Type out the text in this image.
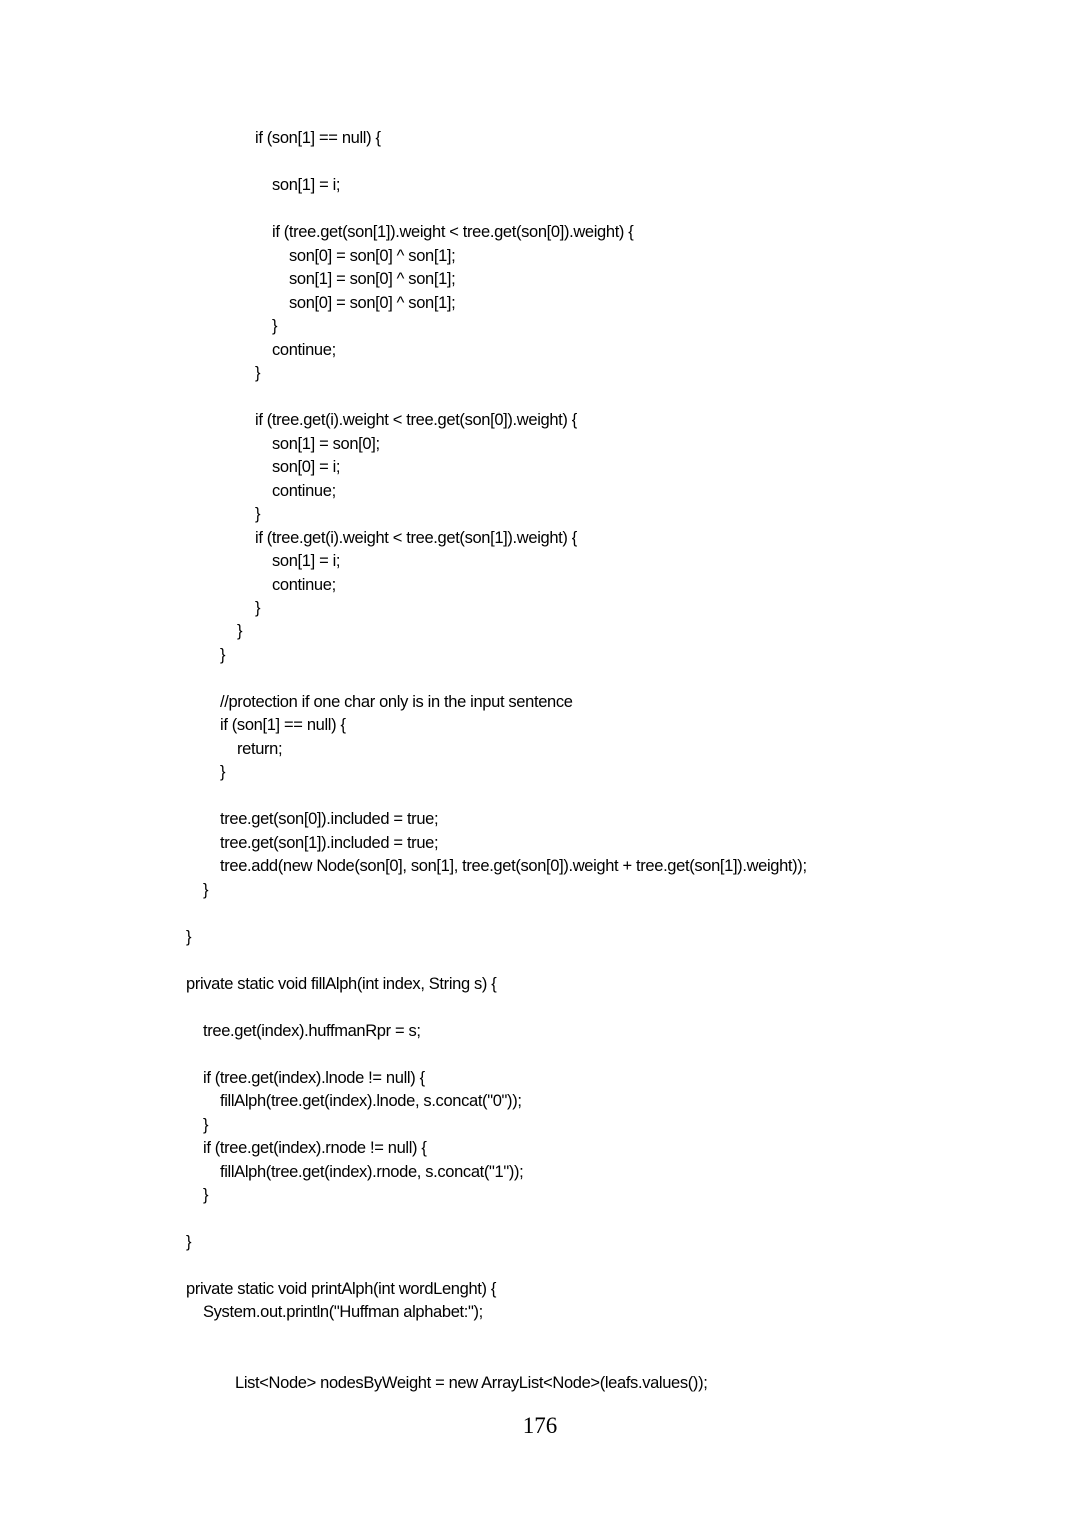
if (son[1] == null) {
son[1] = i;
if (tree.get(son[1]).weight < tree.get(son[0]).weight) {
son[0] = son[0] ^ son[1];
son[1] = son[0] ^ son[1];
son[0] = son[0] ^ son[1];
}
continue;
}
if (tree.get(i).weight < tree.get(son[0]).weight) {
son[1] = son[0];
son[0] = i;
continue;
}
if (tree.get(i).weight < tree.get(son[1]).weight) {
son[1] = i;
continue;
}
}
}
//protection if one char only is in the input sentence
if (son[1] == null) {
return;
}
tree.get(son[0]).included = true;
tree.get(son[1]).included = true;
tree.add(new Node(son[0], son[1], tree.get(son[0]).weight + tree.get(son[1]).weight));
}
}
private static void fillAlph(int index, String s) {
tree.get(index).huffmanRpr = s;
if (tree.get(index).lnode != null) {
fillAlph(tree.get(index).lnode, s.concat("0"));
}
if (tree.get(index).rnode != null) {
fillAlph(tree.get(index).rnode, s.concat("1"));
}
}
private static void printAlph(int wordLenght) {
System.out.println("Huffman alphabet:");
List<Node> nodesByWeight = new ArrayList<Node>(leafs.values());
176
